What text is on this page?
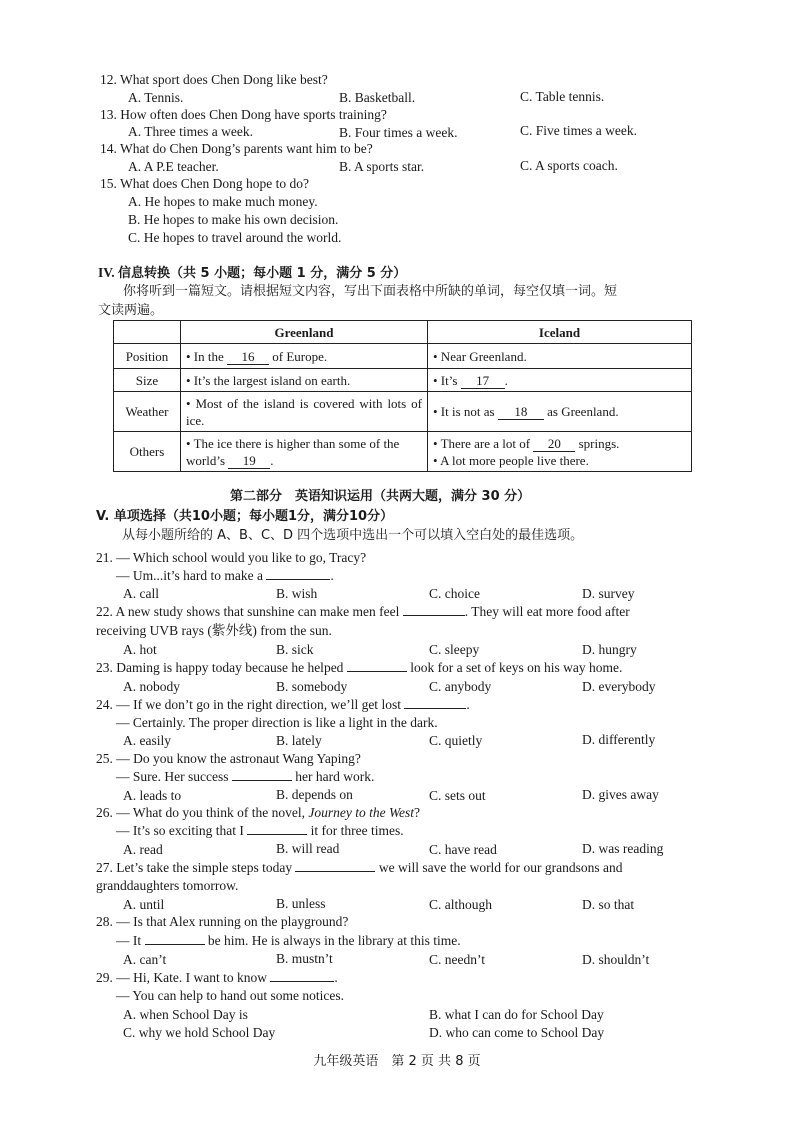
12. What sport does Chen Dong like best?
A. Tennis.	B. Basketball.	C. Table tennis.
13. How often does Chen Dong have sports training?
A. Three times a week.	B. Four times a week.	C. Five times a week.
14. What do Chen Dong’s parents want him to be?
A. A P.E teacher.	B. A sports star.	C. A sports coach.
15. What does Chen Dong hope to do?
A. He hopes to make much money.
B. He hopes to make his own decision.
C. He hopes to travel around the world.
IV. 信息转换（共 5 小题；每小题 1 分，满分 5 分）
你将听到一篇短文。请根据短文内容，写出下面表格中所缺的单词，每空仅填一词。短
文读两遍。
	Greenland	Iceland
Position	• In the 16 of Europe.	• Near Greenland.
Size	• It’s the largest island on earth.	• It’s 17 .
Weather	• Most of the island is covered with lots of ice.	• It is not as 18 as Greenland.
Others	• The ice there is higher than some of the world’s 19 .	• There are a lot of 20 springs.
• A lot more people live there.
第二部分　英语知识运用（共两大题，满分 30 分）
V. 单项选择（共10小题；每小题1分，满分10分）
从每小题所给的 A、B、C、D 四个选项中选出一个可以填入空白处的最佳选项。
21. — Which school would you like to go, Tracy?
— Um...it’s hard to make a	.
A. call	B. wish	C. choice	D. survey
22. A new study shows that sunshine can make men feel	. They will eat more food after
receiving UVB rays (紫外线) from the sun.
A. hot	B. sick	C. sleepy	D. hungry
23. Daming is happy today because he helped	look for a set of keys on his way home.
A. nobody	B. somebody	C. anybody	D. everybody
24. — If we don’t go in the right direction, we’ll get lost	.
— Certainly. The proper direction is like a light in the dark.
A. easily	B. lately	C. quietly	D. differently
25. — Do you know the astronaut Wang Yaping?
— Sure. Her success	her hard work.
A. leads to	B. depends on	C. sets out	D. gives away
26. — What do you think of the novel, Journey to the West?
— It’s so exciting that I	it for three times.
A. read	B. will read	C. have read	D. was reading
27. Let’s take the simple steps today	we will save the world for our grandsons and
granddaughters tomorrow.
A. until	B. unless	C. although	D. so that
28. — Is that Alex running on the playground?
— It	be him. He is always in the library at this time.
A. can’t	B. mustn’t	C. needn’t	D. shouldn’t
29. — Hi, Kate. I want to know	.
— You can help to hand out some notices.
A. when School Day is	B. what I can do for School Day
C. why we hold School Day	D. who can come to School Day
九年级英语　第 2 页 共 8 页
